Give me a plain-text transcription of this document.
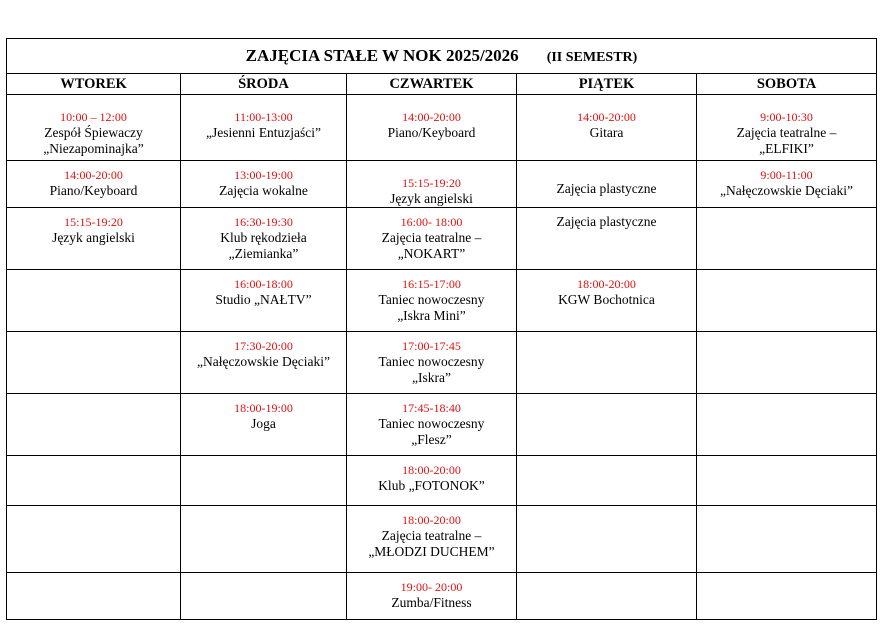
ZAJĘCIA STAŁE W NOK 2025/2026 (II SEMESTR)				
WTOREK	ŚRODA	CZWARTEK	PIĄTEK	SOBOTA

10:00 – 12:00
Zespół Śpiewaczy
„Niezapominajka”	11:00-13:00
„Jesienni Entuzjaści”	14:00-20:00
Piano/Keyboard	14:00-20:00
Gitara	9:00-10:30
Zajęcia teatralne –
„ELFIKI”

14:00-20:00
Piano/Keyboard	13:00-19:00
Zajęcia wokalne	15:15-19:20
Język angielski	Zajęcia plastyczne	9:00-11:00
„Nałęczowskie Dęciaki”

15:15-19:20
Język angielski	16:30-19:30
Klub rękodzieła
„Ziemianka”	16:00- 18:00
Zajęcia teatralne –
„NOKART”	Zajęcia plastyczne	

	16:00-18:00
Studio „NAŁTV”	16:15-17:00
Taniec nowoczesny
„Iskra Mini”	18:00-20:00
KGW Bochotnica	

	17:30-20:00
„Nałęczowskie Dęciaki”	17:00-17:45
Taniec nowoczesny
„Iskra”		

	18:00-19:00
Joga	17:45-18:40
Taniec nowoczesny
„Flesz”		

		18:00-20:00
Klub „FOTONOK”		

		18:00-20:00
Zajęcia teatralne –
„MŁODZI DUCHEM”		

		19:00- 20:00
Zumba/Fitness		
